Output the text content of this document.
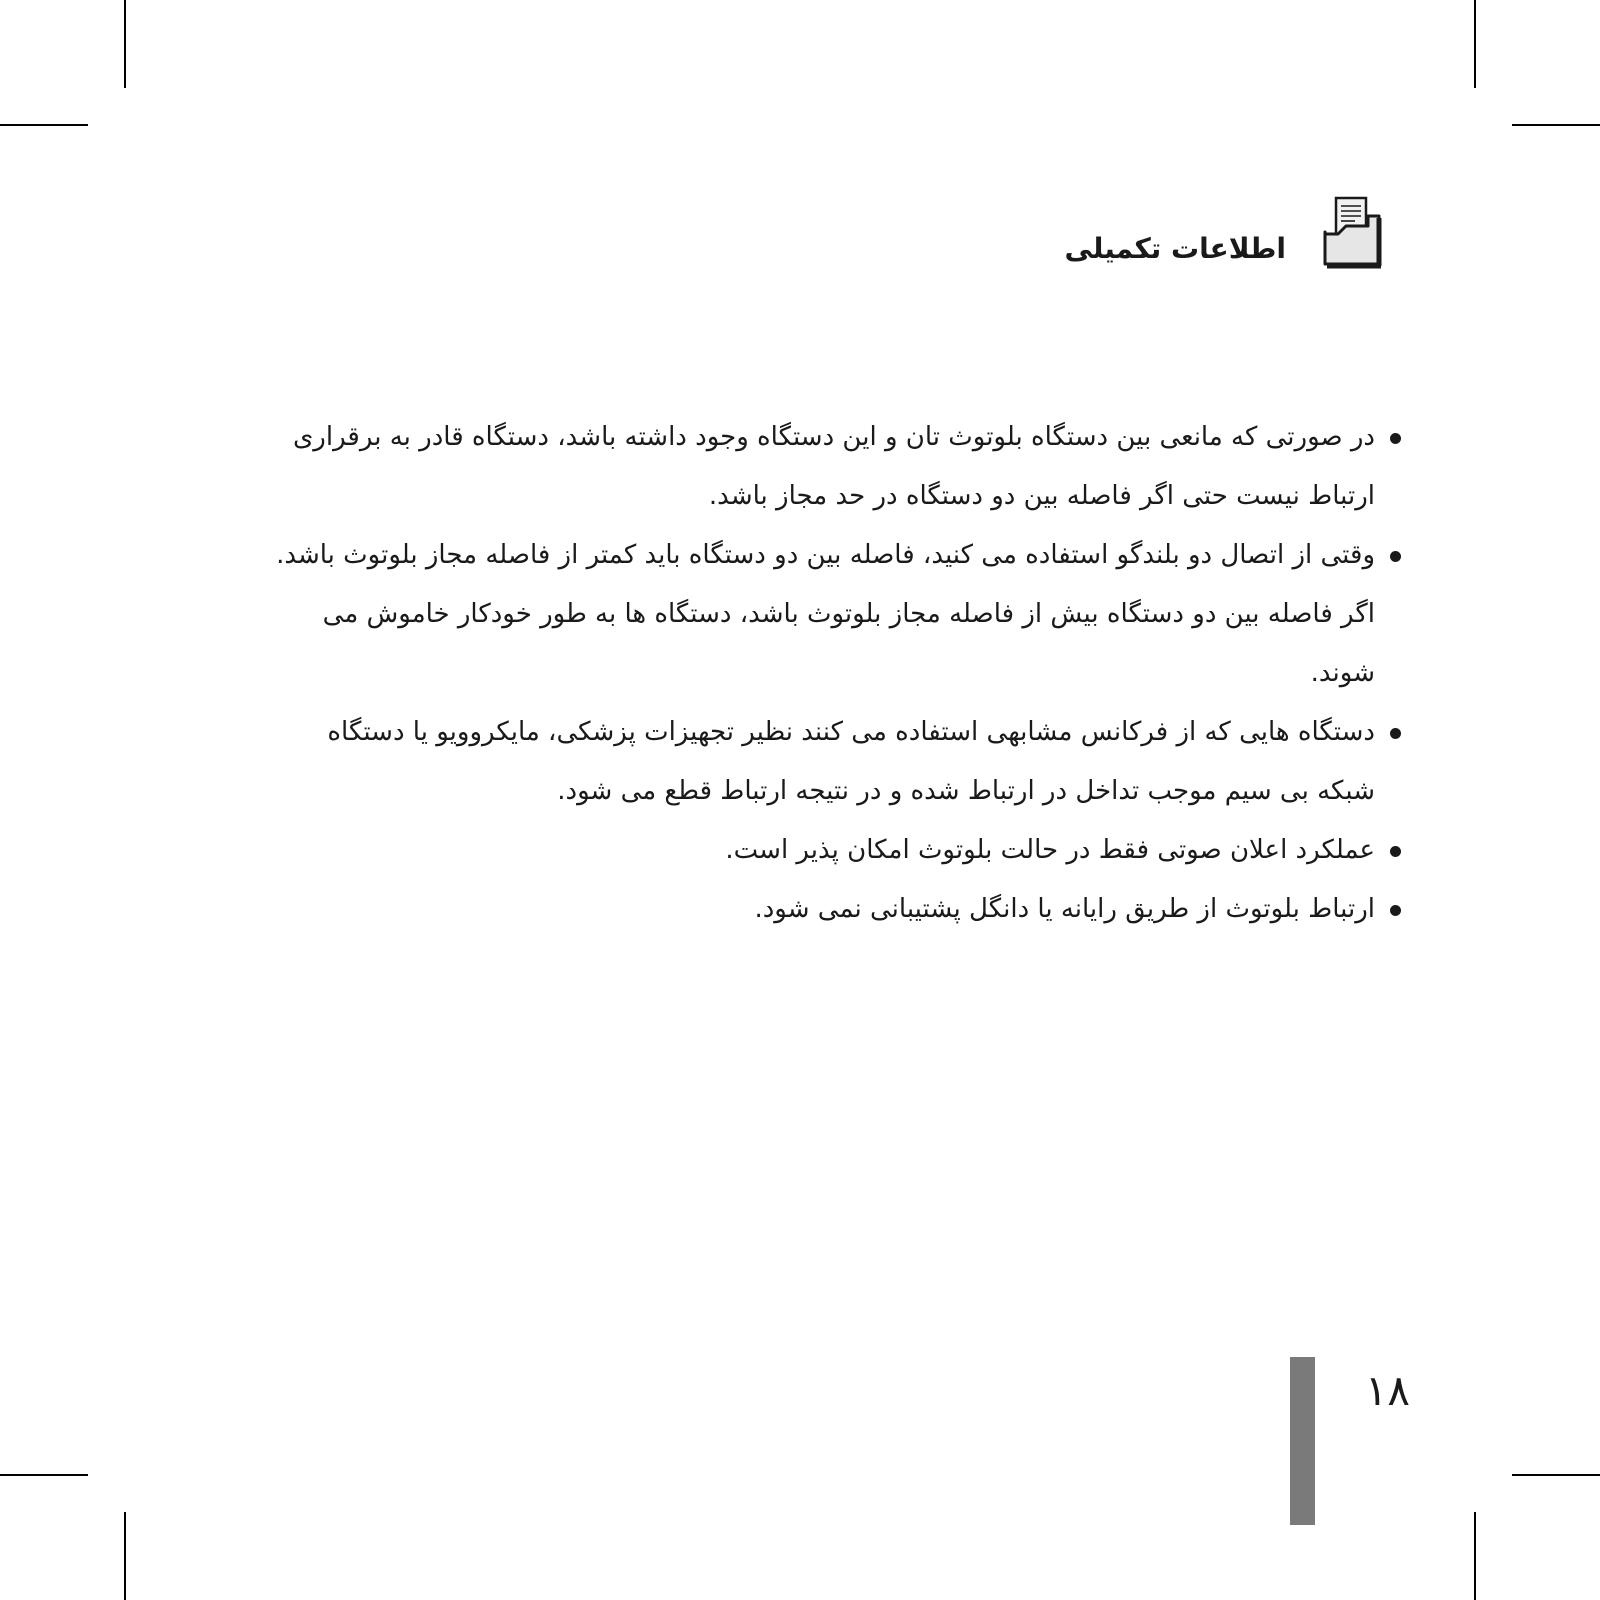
اطلاعات تکمیلی
در صورتی که مانعی بین دستگاه بلوتوث تان و این دستگاه وجود داشته باشد، دستگاه قادر به برقراری ارتباط نیست حتی اگر فاصله بین دو دستگاه در حد مجاز باشد.
وقتی از اتصال دو بلندگو استفاده می کنید، فاصله بین دو دستگاه باید کمتر از فاصله مجاز بلوتوث باشد. اگر فاصله بین دو دستگاه بیش از فاصله مجاز بلوتوث باشد، دستگاه ها به طور خودکار خاموش می شوند.
دستگاه هایی که از فرکانس مشابهی استفاده می کنند نظیر تجهیزات پزشکی، مایکروویو یا دستگاه شبکه بی سیم موجب تداخل در ارتباط شده و در نتیجه ارتباط قطع می شود.
عملکرد اعلان صوتی فقط در حالت بلوتوث امکان پذیر است.
ارتباط بلوتوث از طریق رایانه یا دانگل پشتیبانی نمی شود.
۱۸
